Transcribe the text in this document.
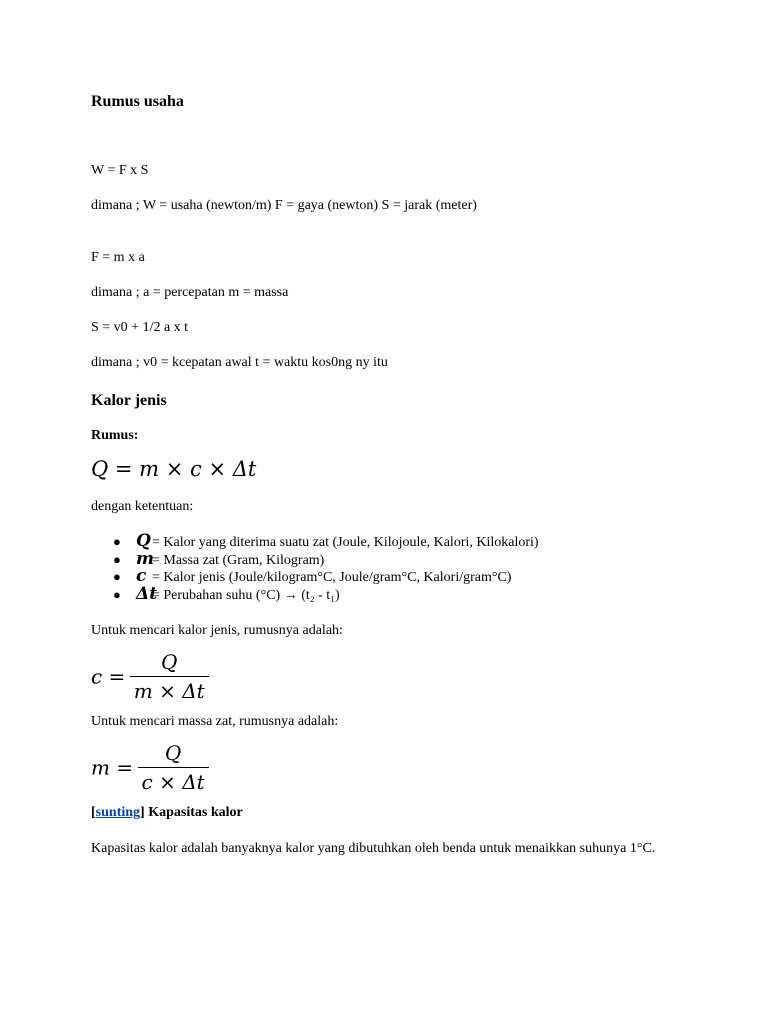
Rumus usaha
W = F x S
dimana ; W = usaha (newton/m) F = gaya (newton) S = jarak (meter)
F = m x a
dimana ; a = percepatan m = massa
S = v0 + 1/2 a x t
dimana ; v0 = kcepatan awal t = waktu kos0ng ny itu
Kalor jenis
Rumus:
Q = m × c × Δt
dengan ketentuan:
● Q= Kalor yang diterima suatu zat (Joule, Kilojoule, Kalori, Kilokalori)
● m= Massa zat (Gram, Kilogram)
● c = Kalor jenis (Joule/kilogram°C, Joule/gram°C, Kalori/gram°C)
● Δt= Perubahan suhu (°C) → (t₂ - t₁)
Untuk mencari kalor jenis, rumusnya adalah:
$c = \frac{Q}{m \times \Delta t}$
Untuk mencari massa zat, rumusnya adalah:
$m = \frac{Q}{c \times \Delta t}$
[sunting] Kapasitas kalor
Kapasitas kalor adalah banyaknya kalor yang dibutuhkan oleh benda untuk menaikkan suhunya 1°C.
